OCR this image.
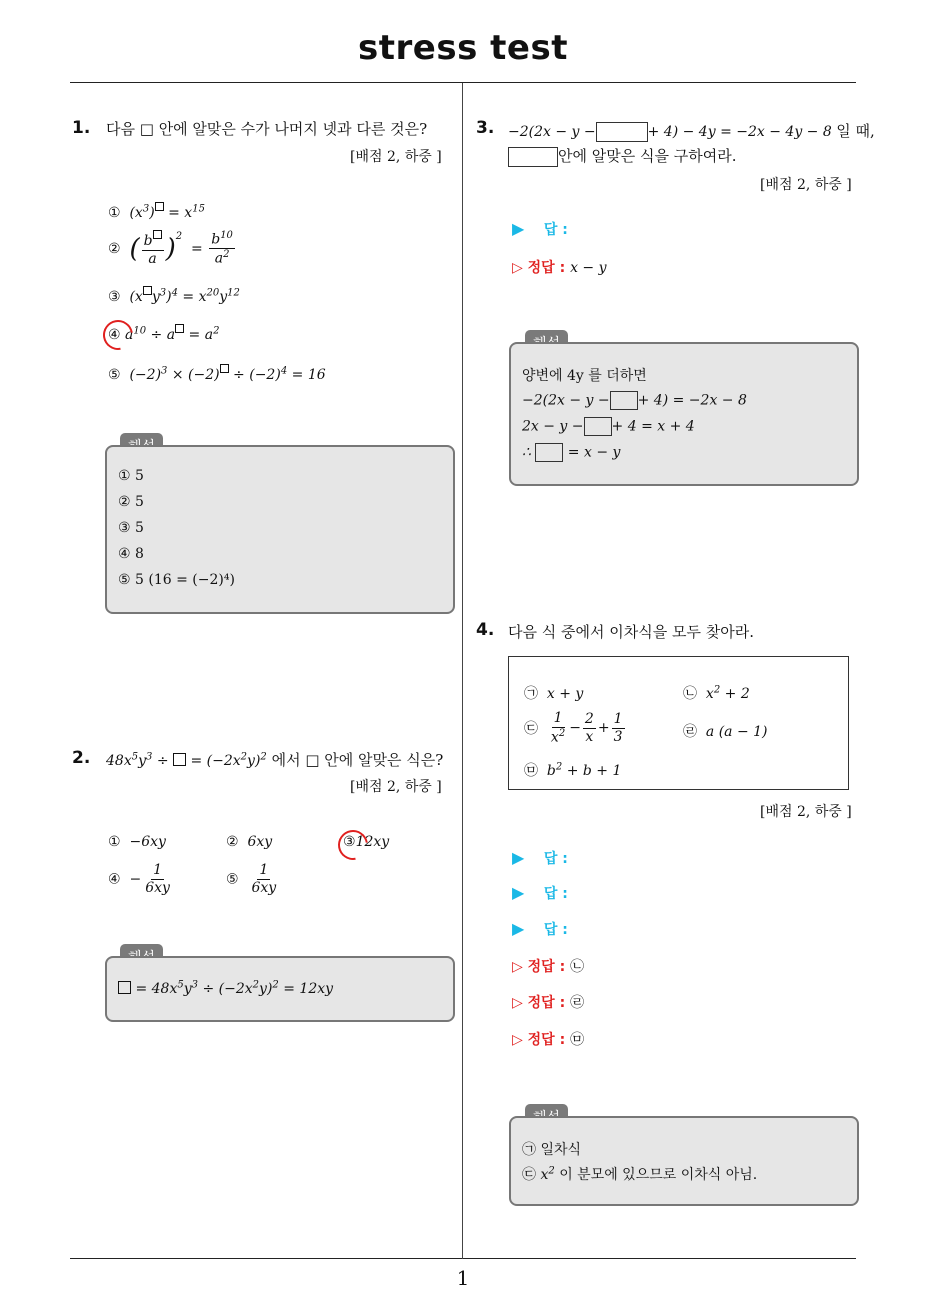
stress test
1
1. 다음 □ 안에 알맞은 수가 나머지 넷과 다른 것은?
[배점 2, 하중 ]
① $(x^3) = x^{15}$
② ( $\frac{b}{a} )^2 = \frac{b^{10}}{a^2}$
③ (x $y^3)^4 = x^{20}y^{12}$
④ $a^{10} \div a = a^2$
⑤ $(-2)^3 \times (-2) \div (-2)^4 = 16$
① 5
② 5
③ 5
④ 8
⑤ 5 (16 = (−2)⁴)
2. $48x^5y^3$ ÷  = $(-2x^2y)^2$ 에서 □ 안에 알맞은 식은?
[배점 2, 하중 ]
① −6xy	② 6xy	③12xy
④ − $\frac{1}{6xy}$	⑤ $\frac{1}{6xy}$
= $48x^5y^3 \div (-2x^2y)^2 = 12xy$
3. −2(2x − y −	+ 4) − 4y = −2x − 4y − 8 일 때,
안에 알맞은 식을 구하여라.
[배점 2, 하중 ]
▶ 답 :
▷ 정답 : x − y
양변에 4y 를 더하면
−2(2x − y − + 4) = −2x − 8
2x − y − + 4 = x + 4
∴  = x − y
4. 다음 식 중에서 이차식을 모두 찾아라.
㉠ x + y	㉡ $x^2 + 2$
㉢ $\frac{1}{x^2} - \frac{2}{x} + \frac{1}{3}$	㉣ a (a − 1)
㉤ $b^2 + b + 1$
[배점 2, 하중 ]
▶ 답 :
▶ 답 :
▶ 답 :
▷ 정답 : ㉡
▷ 정답 : ㉣
▷ 정답 : ㉤
㉠ 일차식
㉢ $x^2$ 이 분모에 있으므로 이차식 아님.
